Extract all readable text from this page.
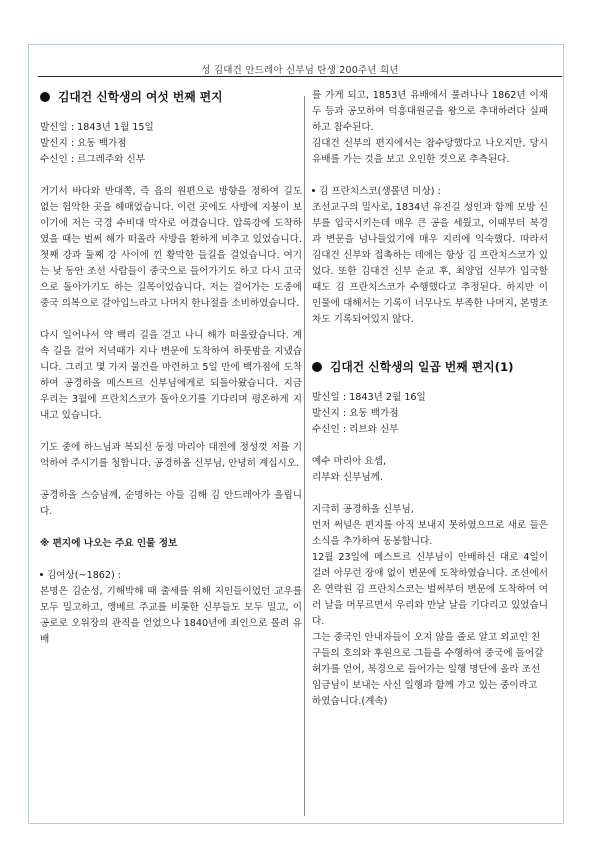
성 김대건 안드레아 신부님 탄생 200주년 희년
김대건 신학생의 여섯 번째 편지

발신일 : 1843년 1월 15일

발신지 : 요동 백가점

수신인 : 르그레주와 신부

거기서 바다와 반대쪽, 즉 읍의 원편으로 방향을 정하여 길도 없는 험악한 곳을 헤매었습니다. 이런 곳에도 사방에 지붕이 보이기에 저는 국경 수비대 막사로 여겼습니다. 압록강에 도착하였을 때는 벌써 해가 떠올라 사방을 환하게 비추고 있었습니다. 첫째 강과 둘째 강 사이에 낀 황막한 들길을 걸었습니다. 여기는 낮 동안 조선 사람들이 중국으로 들어가기도 하고 다시 고국으로 돌아가기도 하는 길목이었습니다. 저는 걸어가는 도중에 중국 의복으로 갈아입느라고 나머지 한나절을 소비하였습니다.

다시 일어나서 약 백리 길을 걷고 나니 해가 떠올랐습니다. 계속 길을 걸어 저녁때가 지나 변문에 도착하여 하룻밤을 지냈습니다. 그리고 몇 가지 물건을 마련하고 5일 만에 백가점에 도착하여 공경하올 메스트르 신부님에게로 되돌아왔습니다. 지금 우리는 3월에 프란치스코가 돌아오기를 기다리며 평온하게 지내고 있습니다.

기도 중에 하느님과 복되신 동정 마리아 대전에 정성껏 저를 기억하여 주시기를 청합니다. 공경하올 신부님, 안녕히 계십시오.

공경하올 스승님께, 순명하는 아들 김해 김 안드레아가 올립니다.

※ 편지에 나오는 주요 인물 정보

김여상(~1862) :

본명은 김순성, 기해박해 때 출세를 위해 지인들이었던 교우를 모두 밀고하고, 앵베르 주교를 비롯한 신부들도 모두 밀고, 이 공로로 오위장의 관직을 얻었으나 1840년에 죄인으로 몰려 유배

를 가게 되고, 1853년 유배에서 풀려나나 1862년 이재두 등과 공모하여 덕흥대원군을 왕으로 추대하려다 실패하고 참수된다.

김대건 신부의 편지에서는 참수당했다고 나오지만, 당시 유배를 가는 것을 보고 오인한 것으로 추측된다.

김 프란치스코(생몰년 미상) :

조선교구의 밀사로, 1834년 유진길 성인과 함께 모방 신부를 입국시키는데 매우 큰 공을 세웠고, 이때부터 북경과 변문을 넘나들었기에 매우 지리에 익숙했다. 따라서 김대건 신부와 접촉하는 데에는 항상 김 프란치스코가 있었다. 또한 김대건 신부 순교 후, 최양업 신부가 입국할 때도 김 프란치스코가 수행했다고 추정된다. 하지만 이 인물에 대해서는 기록이 너무나도 부족한 나머지, 본명조차도 기록되어있지 않다.

김대건 신학생의 일곱 번째 편지(1)

발신일 : 1843년 2월 16일

발신지 : 요동 백가점

수신인 : 리브와 신부

예수 마리아 요셉,

리부와 신부님께.

지극히 공경하올 신부님,

먼저 써널은 편지를 아직 보내지 못하였으므로 새로 들은 소식을 추가하여 동봉합니다.

12월 23일에 메스트르 신부님이 안배하신 대로 4일이 걸려 아무런 장애 없이 변문에 도착하였습니다. 조선에서 온 연락원 김 프란치스코는 벌써부터 변문에 도착하여 여러 날을 머무르면서 우리와 만날 날을 기다리고 있었습니다.

그는 중국인 안내자들이 오지 않을 줄로 알고 외교인 친구들의 호의와 후원으로 그들을 수행하여 중국에 들어갈 허가를 얻어, 북경으로 들어가는 일행 명단에 올라 조선임금님이 보내는 사신 일행과 함께 가고 있는 중이라고 하였습니다.(계속)
